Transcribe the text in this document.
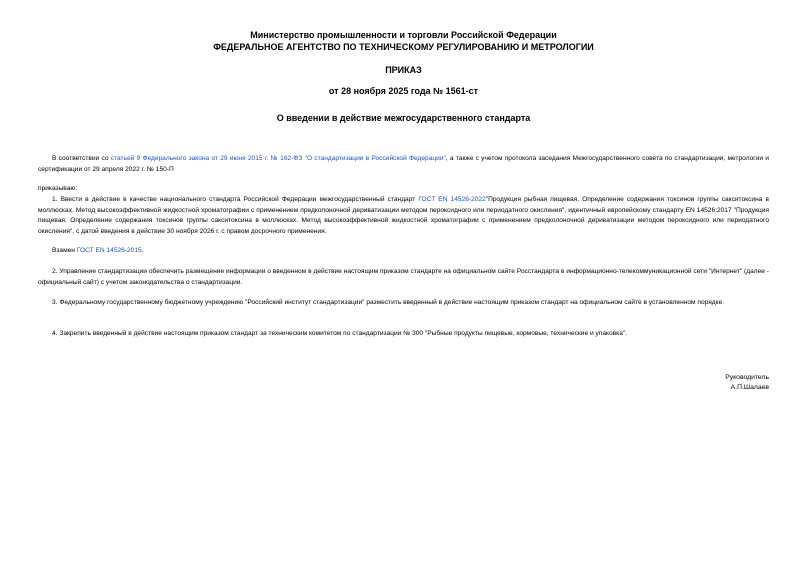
Министерство промышленности и торговли Российской Федерации
ФЕДЕРАЛЬНОЕ АГЕНТСТВО ПО ТЕХНИЧЕСКОМУ РЕГУЛИРОВАНИЮ И МЕТРОЛОГИИ
ПРИКАЗ
от 28 ноября 2025 года № 1561-ст
О введении в действие межгосударственного стандарта
В соответствии со статьей 9 Федерального закона от 29 июня 2015 г. № 162-ФЗ "О стандартизации в Российской Федерации", а также с учетом протокола заседания Межгосударственного совета по стандартизации, метрологии и сертификации от 29 апреля 2022 г. № 150-П
приказываю:
1. Ввести в действие в качестве национального стандарта Российской Федерации межгосударственный стандарт ГОСТ EN 14526-2022"Продукция рыбная пищевая. Определение содержания токсинов группы сакситоксина в моллюсках. Метод высокоэффективной жидкостной хроматографии с применением предколоночной дериватизации методом пероксидного или периодатного окисления", идентичный европейскому стандарту EN 14526:2017 "Продукция пищевая. Определение содержания токсинов группы сакситоксина в моллюсках. Метод высокоэффективной жидкостной хроматографии с применением предколоночной дериватизации методом пероксидного или периодатного окисления", с датой введения в действие 30 ноября 2026 г. с правом досрочного применения.
Взамен ГОСТ EN 14526-2015.
2. Управление стандартизации обеспечить размещение информации о введенном в действие настоящим приказом стандарте на официальном сайте Росстандарта в информационно-телекоммуникационной сети "Интернет" (далее - официальный сайт) с учетом законодательства о стандартизации.
3. Федеральному государственному бюджетному учреждению "Российский институт стандартизации" разместить введенный в действие настоящим приказом стандарт на официальном сайте в установленном порядке.
4. Закрепить введенный в действие настоящим приказом стандарт за техническим комитетом по стандартизации № 300 "Рыбные продукты пищевые, кормовые, технические и упаковка".
Руководитель
А.П.Шалаев
